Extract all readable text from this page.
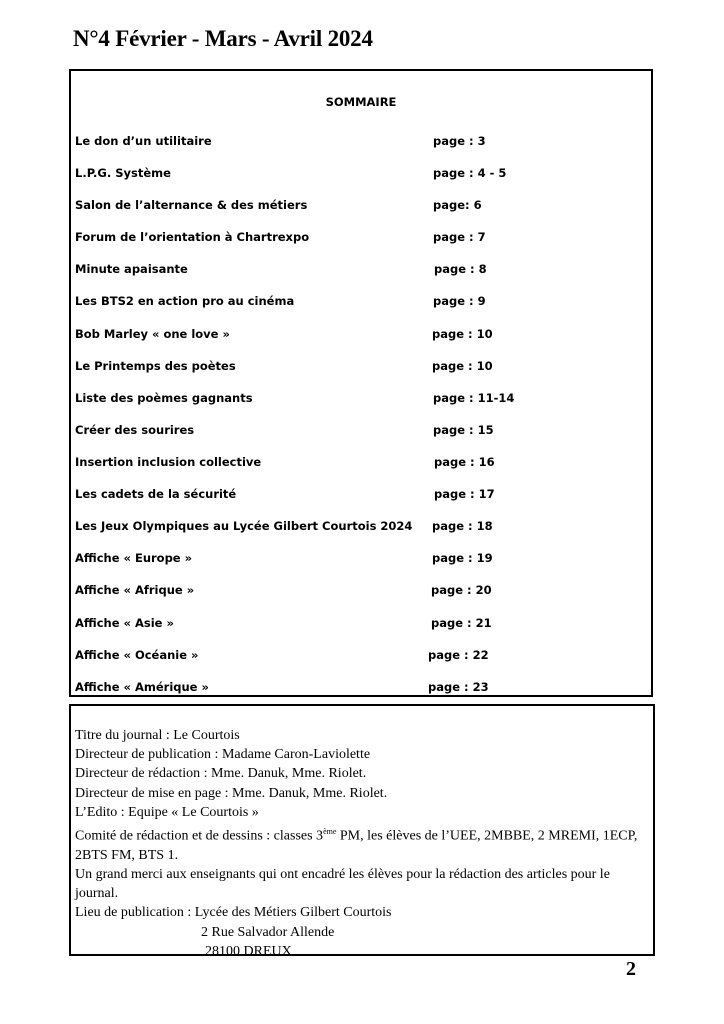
N°4 Février - Mars - Avril 2024
SOMMAIRE
Le don d’un utilitaire	page : 3
L.P.G. Système	page : 4 - 5
Salon de l’alternance & des métiers	page: 6
Forum de l’orientation à Chartrexpo	page : 7
Minute apaisante	page : 8
Les BTS2 en action pro au cinéma	page : 9
Bob Marley « one love »	page : 10
Le Printemps des poètes	page : 10
Liste des poèmes gagnants	page : 11-14
Créer des sourires	page : 15
Insertion inclusion collective	page : 16
Les cadets de la sécurité	page : 17
Les Jeux Olympiques au Lycée Gilbert Courtois 2024 page : 18
Affiche « Europe »	page : 19
Affiche « Afrique »	page : 20
Affiche « Asie »	page : 21
Affiche « Océanie »	page : 22
Affiche « Amérique »	page : 23
Titre du journal : Le Courtois
Directeur de publication : Madame Caron-Laviolette
Directeur de rédaction : Mme. Danuk, Mme. Riolet.
Directeur de mise en page : Mme. Danuk, Mme. Riolet.
L’Edito : Equipe « Le Courtois »
Comité de rédaction et de dessins : classes 3ème PM, les élèves de l’UEE, 2MBBE, 2 MREMI, 1ECP, 2BTS FM, BTS 1.
Un grand merci aux enseignants qui ont encadré les élèves pour la rédaction des articles pour le journal.
Lieu de publication : Lycée des Métiers Gilbert Courtois
2 Rue Salvador Allende
28100 DREUX
2
